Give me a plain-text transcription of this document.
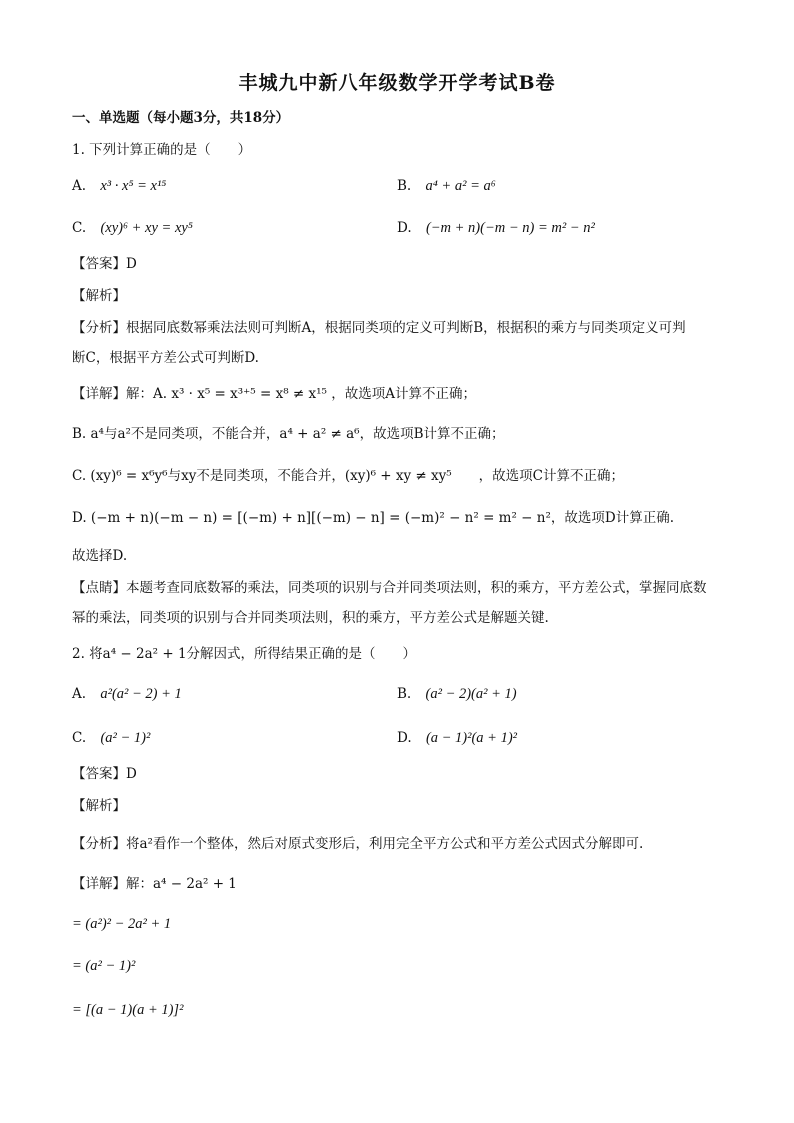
丰城九中新八年级数学开学考试B卷
一、单选题（每小题3分，共18分）
1. 下列计算正确的是（　　）
A. x³ · x⁵ = x¹⁵	B. a⁴ + a² = a⁶
C. (xy)⁶ + xy = xy⁵	D. (−m + n)(−m − n) = m² − n²
【答案】D
【解析】
【分析】根据同底数幂乘法法则可判断A，根据同类项的定义可判断B，根据积的乘方与同类项定义可判
断C，根据平方差公式可判断D.
【详解】解：A. x³ · x⁵ = x³⁺⁵ = x⁸ ≠ x¹⁵ ，故选项A计算不正确；
B. a⁴与a²不是同类项，不能合并，a⁴ + a² ≠ a⁶，故选项B计算不正确；
C. (xy)⁶ = x⁶y⁶与xy不是同类项，不能合并，(xy)⁶ + xy ≠ xy⁵　　，故选项C计算不正确；
D. (−m + n)(−m − n) = [(−m) + n][(−m) − n] = (−m)² − n² = m² − n²，故选项D计算正确.
故选择D.
【点睛】本题考查同底数幂的乘法，同类项的识别与合并同类项法则，积的乘方，平方差公式，掌握同底数
幂的乘法，同类项的识别与合并同类项法则，积的乘方，平方差公式是解题关键.
2. 将a⁴ − 2a² + 1分解因式，所得结果正确的是（　　）
A. a²(a² − 2) + 1	B. (a² − 2)(a² + 1)
C. (a² − 1)²	D. (a − 1)²(a + 1)²
【答案】D
【解析】
【分析】将a²看作一个整体，然后对原式变形后，利用完全平方公式和平方差公式因式分解即可.
【详解】解：a⁴ − 2a² + 1
= (a²)² − 2a² + 1
= (a² − 1)²
= [(a − 1)(a + 1)]²
